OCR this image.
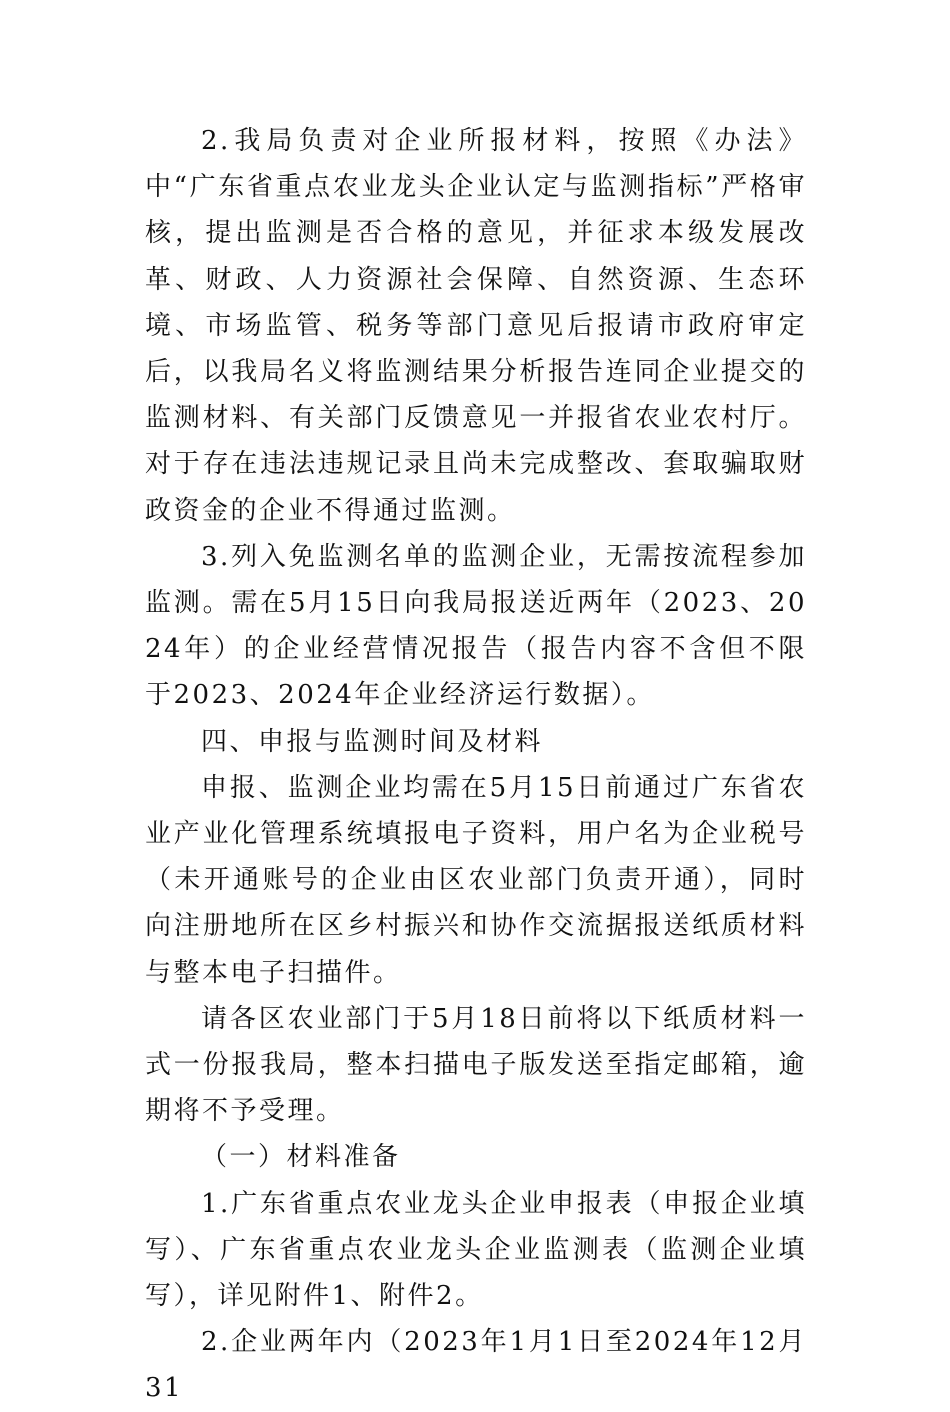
2.我局负责对企业所报材料，按照《办法》中“广东省重点农业龙头企业认定与监测指标”严格审核，提出监测是否合格的意见，并征求本级发展改革、财政、人力资源社会保障、自然资源、生态环境、市场监管、税务等部门意见后报请市政府审定后，以我局名义将监测结果分析报告连同企业提交的监测材料、有关部门反馈意见一并报省农业农村厅。对于存在违法违规记录且尚未完成整改、套取骗取财政资金的企业不得通过监测。

3.列入免监测名单的监测企业，无需按流程参加监测。需在5月15日向我局报送近两年（2023、2024年）的企业经营情况报告（报告内容不含但不限于2023、2024年企业经济运行数据）。

四、申报与监测时间及材料

申报、监测企业均需在5月15日前通过广东省农业产业化管理系统填报电子资料，用户名为企业税号（未开通账号的企业由区农业部门负责开通），同时向注册地所在区乡村振兴和协作交流据报送纸质材料与整本电子扫描件。

请各区农业部门于5月18日前将以下纸质材料一式一份报我局，整本扫描电子版发送至指定邮箱，逾期将不予受理。

（一）材料准备

1.广东省重点农业龙头企业申报表（申报企业填写）、广东省重点农业龙头企业监测表（监测企业填写），详见附件1、附件2。

2.企业两年内（2023年1月1日至2024年12月31
